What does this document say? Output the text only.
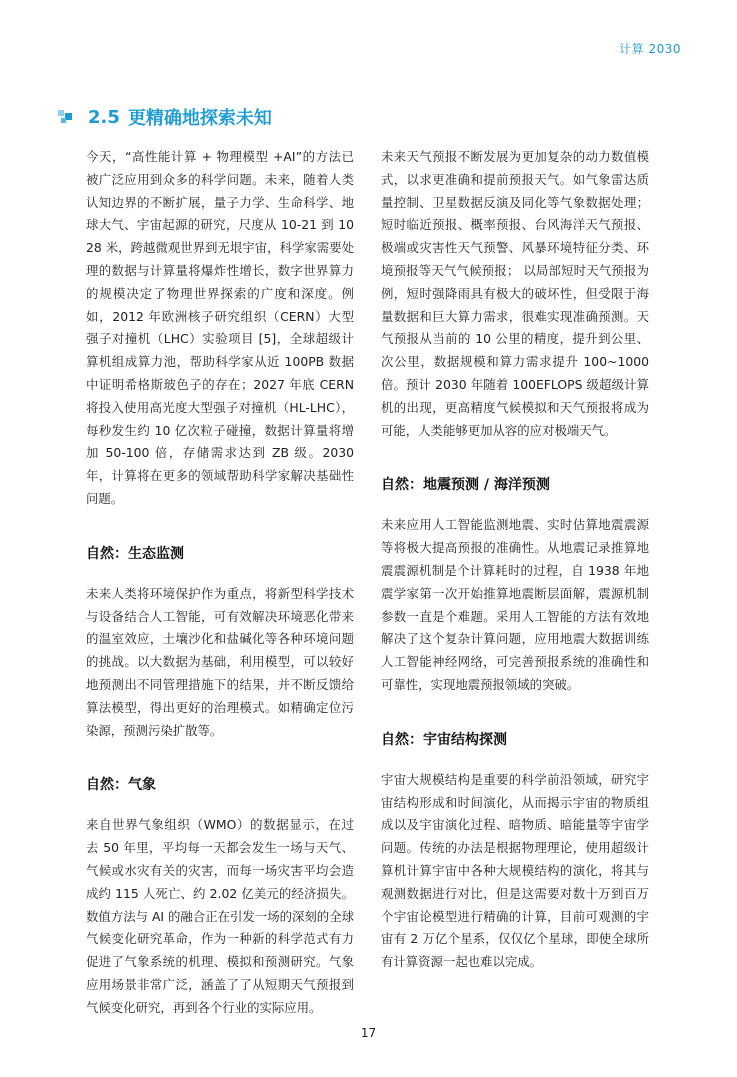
计算 2030
2.5 更精确地探索未知

今天，“高性能计算 + 物理模型 +AI”的方法已被广泛应用到众多的科学问题。未来，随着人类认知边界的不断扩展，量子力学、生命科学、地球大气、宇宙起源的研究，尺度从 10-21 到 1028 米，跨越微观世界到无垠宇宙，科学家需要处理的数据与计算量将爆炸性增长，数字世界算力的规模决定了物理世界探索的广度和深度。例如，2012 年欧洲核子研究组织（CERN）大型强子对撞机（LHC）实验项目 [5]，全球超级计算机组成算力池，帮助科学家从近 100PB 数据中证明希格斯玻色子的存在；2027 年底 CERN 将投入使用高光度大型强子对撞机（HL-LHC），每秒发生约 10 亿次粒子碰撞，数据计算量将增加 50-100 倍，存储需求达到 ZB 级。2030 年，计算将在更多的领域帮助科学家解决基础性问题。

自然：生态监测

未来人类将环境保护作为重点，将新型科学技术与设备结合人工智能，可有效解决环境恶化带来的温室效应，土壤沙化和盐碱化等各种环境问题的挑战。以大数据为基础，利用模型，可以较好地预测出不同管理措施下的结果，并不断反馈给算法模型，得出更好的治理模式。如精确定位污染源，预测污染扩散等。

自然：气象

来自世界气象组织（WMO）的数据显示，在过去 50 年里，平均每一天都会发生一场与天气、气候或水灾有关的灾害，而每一场灾害平均会造成约 115 人死亡、约 2.02 亿美元的经济损失。数值方法与 AI 的融合正在引发一场的深刻的全球气候变化研究革命，作为一种新的科学范式有力促进了气象系统的机理、模拟和预测研究。气象应用场景非常广泛，涵盖了了从短期天气预报到气候变化研究，再到各个行业的实际应用。

未来天气预报不断发展为更加复杂的动力数值模式，以求更准确和提前预报天气。如气象雷达质量控制、卫星数据反演及同化等气象数据处理；短时临近预报、概率预报、台风海洋天气预报、极端或灾害性天气预警、风暴环境特征分类、环境预报等天气气候预报； 以局部短时天气预报为例，短时强降雨具有极大的破坏性，但受限于海量数据和巨大算力需求，很难实现准确预测。天气预报从当前的 10 公里的精度，提升到公里、次公里，数据规模和算力需求提升 100~1000 倍。预计 2030 年随着 100EFLOPS 级超级计算机的出现，更高精度气候模拟和天气预报将成为可能，人类能够更加从容的应对极端天气。

自然：地震预测 / 海洋预测

未来应用人工智能监测地震、实时估算地震震源等将极大提高预报的准确性。从地震记录推算地震震源机制是个计算耗时的过程，自 1938 年地震学家第一次开始推算地震断层面解，震源机制参数一直是个难题。采用人工智能的方法有效地解决了这个复杂计算问题，应用地震大数据训练人工智能神经网络，可完善预报系统的准确性和可靠性，实现地震预报领域的突破。

自然：宇宙结构探测

宇宙大规模结构是重要的科学前沿领域，研究宇宙结构形成和时间演化，从而揭示宇宙的物质组成以及宇宙演化过程、暗物质、暗能量等宇宙学问题。传统的办法是根据物理理论，使用超级计算机计算宇宙中各种大规模结构的演化，将其与观测数据进行对比，但是这需要对数十万到百万个宇宙论模型进行精确的计算，目前可观测的宇宙有 2 万亿个星系，仅仅亿个星球，即使全球所有计算资源一起也难以完成。

17
